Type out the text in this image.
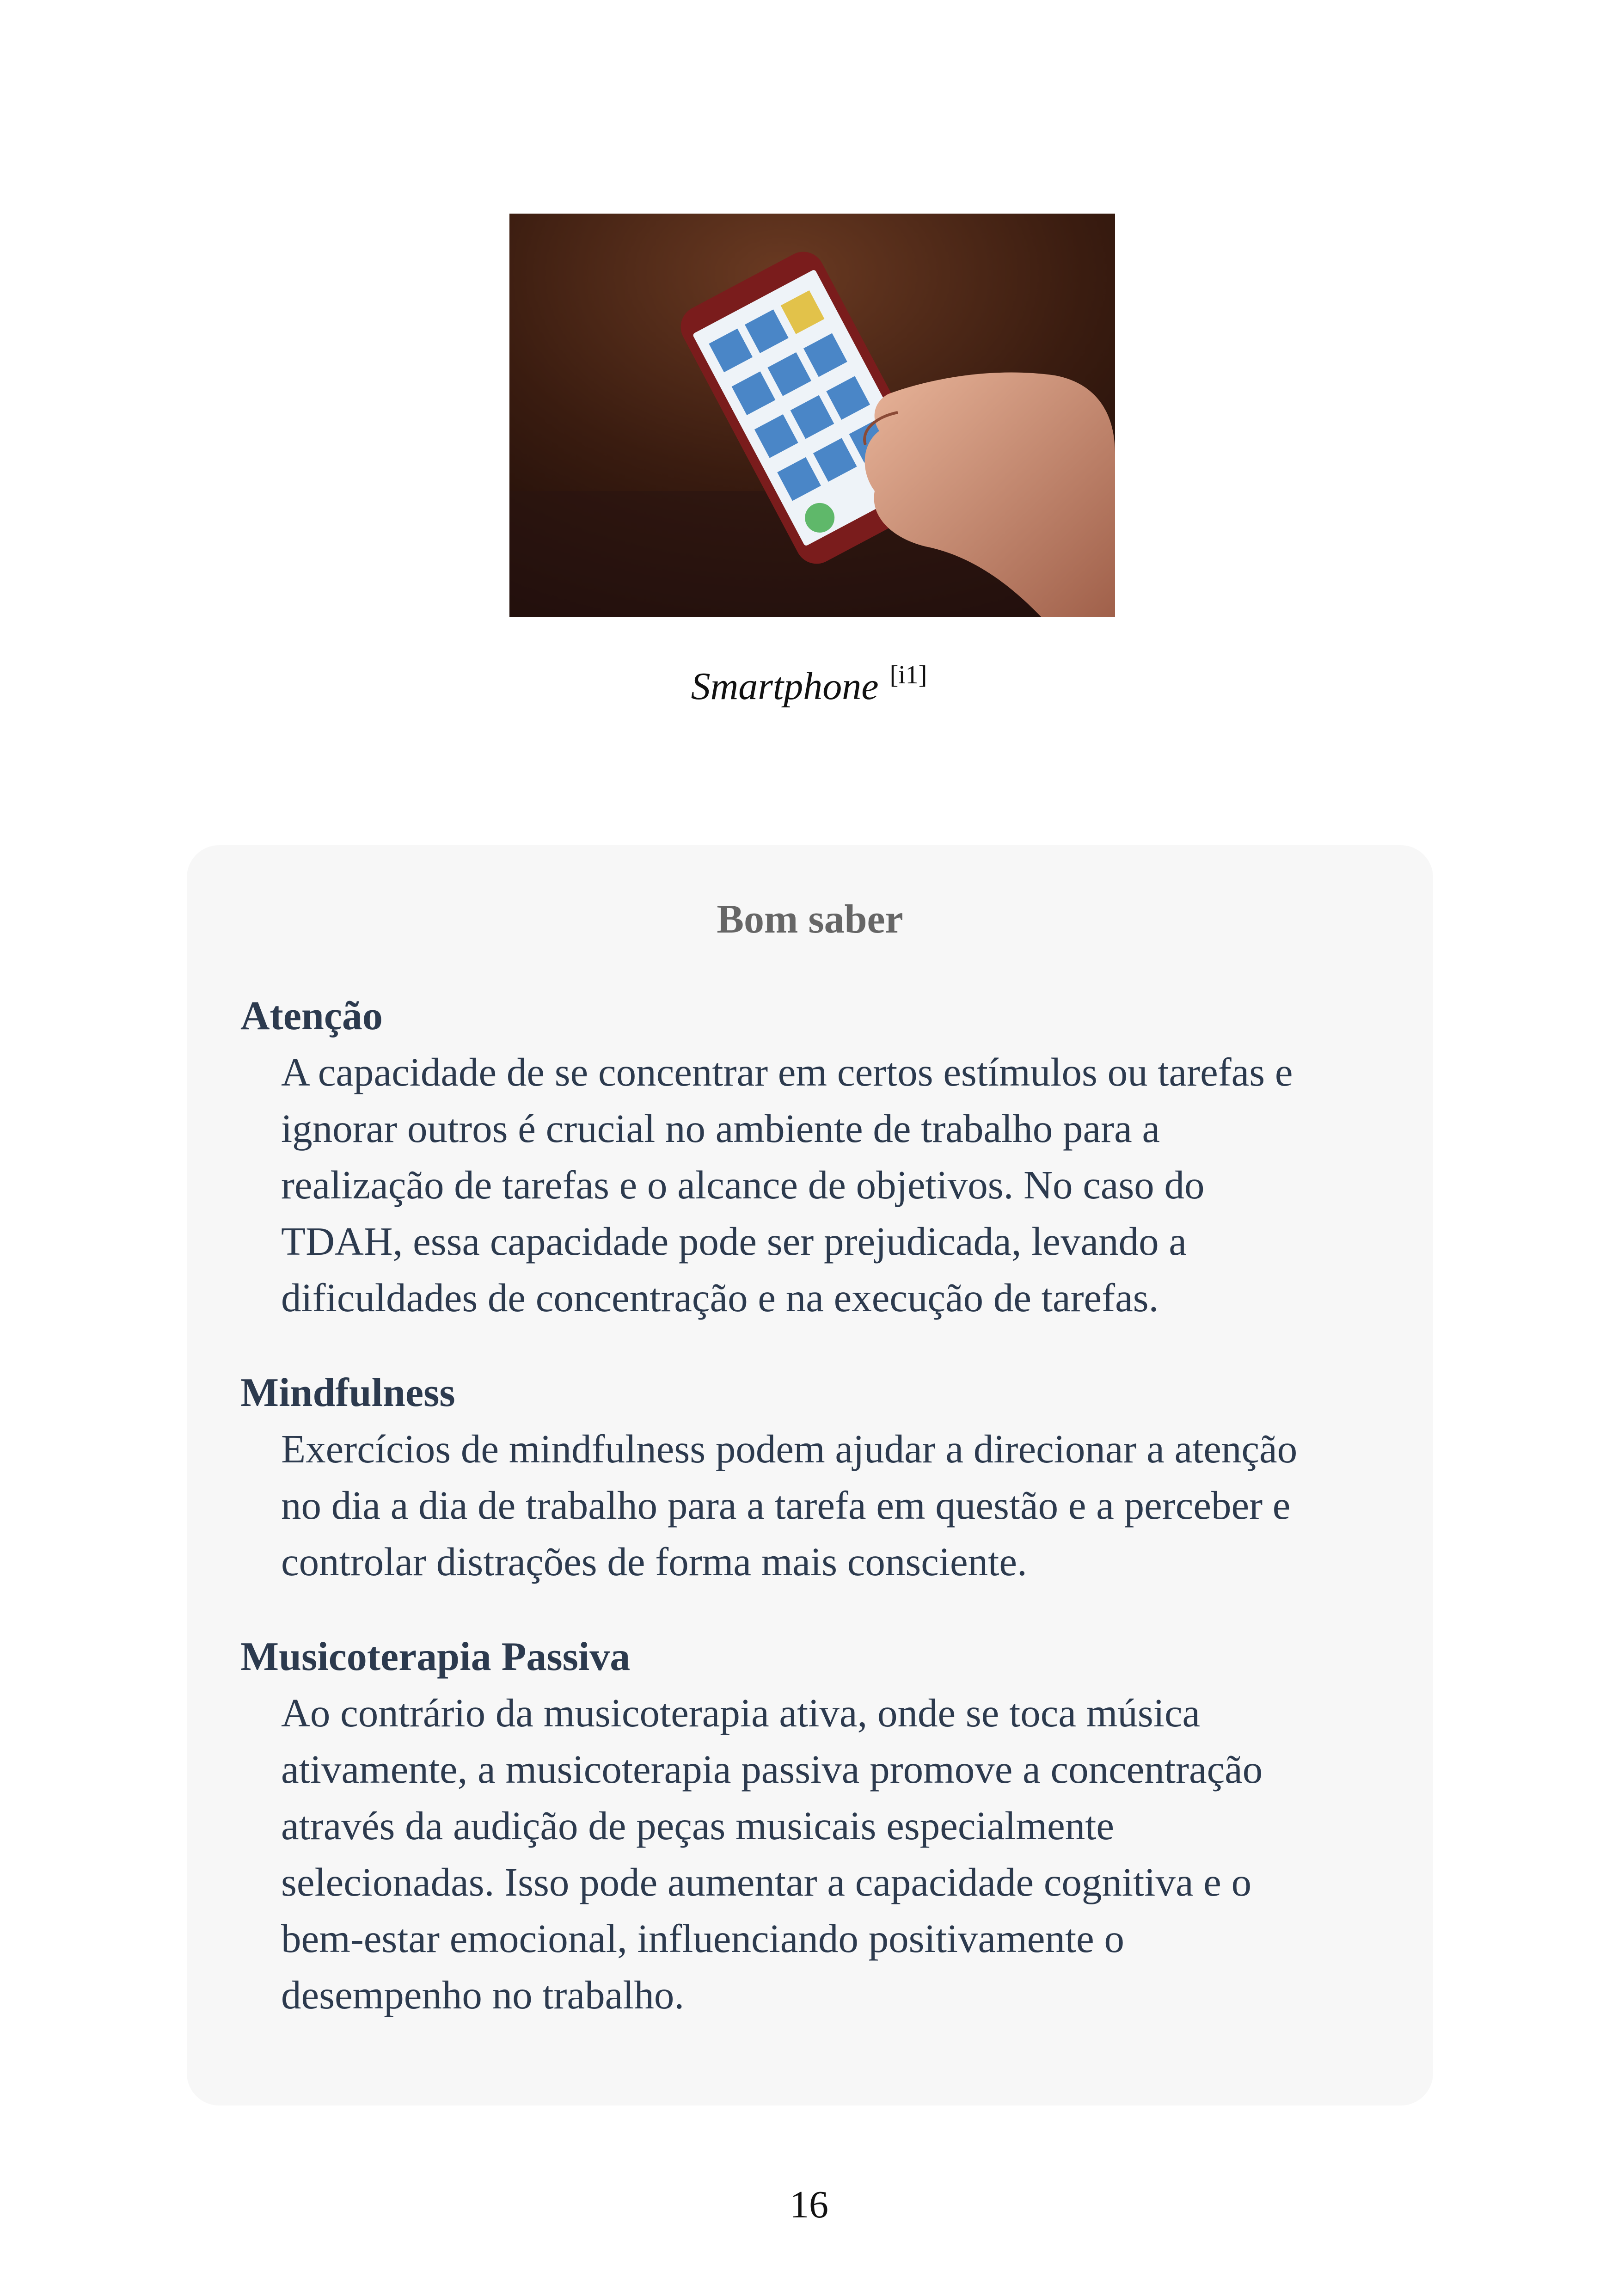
Smartphone [i1]
Bom saber
Atenção
A capacidade de se concentrar em certos estímulos ou tarefas e
ignorar outros é crucial no ambiente de trabalho para a
realização de tarefas e o alcance de objetivos. No caso do
TDAH, essa capacidade pode ser prejudicada, levando a
dificuldades de concentração e na execução de tarefas.
Mindfulness
Exercícios de mindfulness podem ajudar a direcionar a atenção
no dia a dia de trabalho para a tarefa em questão e a perceber e
controlar distrações de forma mais consciente.
Musicoterapia Passiva
Ao contrário da musicoterapia ativa, onde se toca música
ativamente, a musicoterapia passiva promove a concentração
através da audição de peças musicais especialmente
selecionadas. Isso pode aumentar a capacidade cognitiva e o
bem-estar emocional, influenciando positivamente o
desempenho no trabalho.
16
